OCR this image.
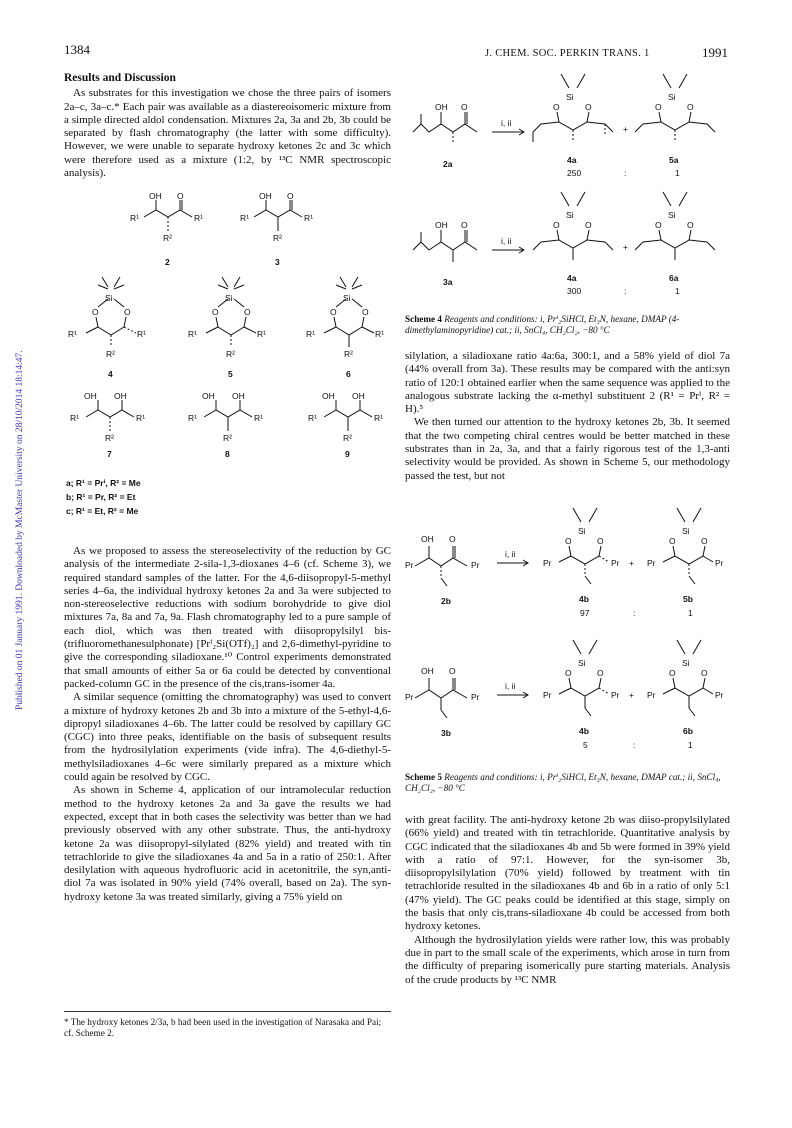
1384	J. CHEM. SOC. PERKIN TRANS. 1	1991
Published on 01 January 1991. Downloaded by McMaster University on 28/10/2014 18:14:47.
Results and Discussion

As substrates for this investigation we chose the three pairs of isomers 2a–c, 3a–c.* Each pair was available as a diastereoisomeric mixture from a simple directed aldol condensation. Mixtures 2a, 3a and 2b, 3b could be separated by flash chromatography (the latter with some difficulty). However, we were unable to separate hydroxy ketones 2c and 3c which were therefore used as a mixture (1:2, by ¹³C NMR spectroscopic analysis).

OH O
R¹	R¹
R²
2
OH O
R¹	R¹
R²
3
Si
O	O
R¹	R¹
R²
4
Si
O	O
R¹	R¹
R²
5
Si
O	O
R¹	R¹
R²
6
OH OH
R¹	R¹
R²
7
OH OH
R¹	R¹
R²
8
OH OH
R¹	R¹
R²
9
a; R¹ = Prⁱ, R² = Me
b; R¹ = Pr, R² = Et
c; R¹ = Et, R² = Me

As we proposed to assess the stereoselectivity of the reduction by GC analysis of the intermediate 2-sila-1,3-dioxanes 4–6 (cf. Scheme 3), we required standard samples of the latter. For the 4,6-diisopropyl-5-methyl series 4–6a, the individual hydroxy ketones 2a and 3a were subjected to non-stereoselective reductions with sodium borohydride to give diol mixtures 7a, 8a and 7a, 9a. Flash chromatography led to a pure sample of each diol, which was then treated with diisopropylsilyl bis-(trifluoromethanesulphonate) [Prⁱ₂Si(OTf)₂] and 2,6-dimethyl-pyridine to give the corresponding siladioxane.¹⁰ Control experiments demonstrated that small amounts of either 5a or 6a could be detected by conventional packed-column GC in the presence of the cis,trans-isomer 4a.

A similar sequence (omitting the chromatography) was used to convert a mixture of hydroxy ketones 2b and 3b into a mixture of the 5-ethyl-4,6-dipropyl siladioxanes 4–6b. The latter could be resolved by capillary GC (CGC) into three peaks, identifiable on the basis of subsequent results from the hydrosilylation experiments (vide infra). The 4,6-diethyl-5-methylsiladioxanes 4–6c were similarly prepared as a mixture which could again be resolved by CGC.

As shown in Scheme 4, application of our intramolecular reduction method to the hydroxy ketones 2a and 3a gave the results we had expected, except that in both cases the selectivity was better than we had previously observed with any other substrate. Thus, the anti-hydroxy ketone 2a was diisopropyl-silylated (82% yield) and treated with tin tetrachloride to give the siladioxanes 4a and 5a in a ratio of 250:1. After desilylation with aqueous hydrofluoric acid in acetonitrile, the syn,anti-diol 7a was isolated in 90% yield (74% overall, based on 2a). The syn-hydroxy ketone 3a was treated similarly, giving a 75% yield on

* The hydroxy ketones 2/3a, b had been used in the investigation of Narasaka and Pai; cf. Scheme 2.
OH O
2a
i, ii
Si
O	O
4a
+
Si
O	O
5a
250	:	1
OH O
3a
i, ii
Si
O	O
4a
+
Si
O	O
6a
300	:	1
Scheme 4 Reagents and conditions: i, Prⁱ₂SiHCl, Et₃N, hexane, DMAP (4-dimethylaminopyridine) cat.; ii, SnCl₄, CH₂Cl₂, −80 °C

silylation, a siladioxane ratio 4a:6a, 300:1, and a 58% yield of diol 7a (44% overall from 3a). These results may be compared with the anti:syn ratio of 120:1 obtained earlier when the same sequence was applied to the analogous substrate lacking the α-methyl substituent 2 (R¹ = Prⁱ, R² = H).⁵

We then turned our attention to the hydroxy ketones 2b, 3b. It seemed that the two competing chiral centres would be better matched in these substrates than in 2a, 3a, and that a fairly rigorous test of the 1,3-anti selectivity would be provided. As shown in Scheme 5, our methodology passed the test, but not

OH O
Pr	Pr
2b
i, ii
Si
O	O
Pr	Pr
4b
+
Si
O	O
Pr	Pr
5b
97	:	1
OH O
Pr	Pr
3b
i, ii
Si
O	O
Pr	Pr
4b
+
Si
O	O
Pr	Pr
6b
5	:	1
Scheme 5 Reagents and conditions: i, Prⁱ₂SiHCl, Et₃N, hexane, DMAP cat.; ii, SnCl₄, CH₂Cl₂, −80 °C

with great facility. The anti-hydroxy ketone 2b was diiso-propylsilylated (66% yield) and treated with tin tetrachloride. Quantitative analysis by CGC indicated that the siladioxanes 4b and 5b were formed in 39% yield with a ratio of 97:1. However, for the syn-isomer 3b, diisopropylsilylation (70% yield) followed by treatment with tin tetrachloride resulted in the siladioxanes 4b and 6b in a ratio of only 5:1 (47% yield). The GC peaks could be identified at this stage, simply on the basis that only cis,trans-siladioxane 4b could be accessed from both hydroxy ketones.

Although the hydrosilylation yields were rather low, this was probably due in part to the small scale of the experiments, which arose in turn from the difficulty of preparing isomerically pure starting materials. Analysis of the crude products by ¹³C NMR
